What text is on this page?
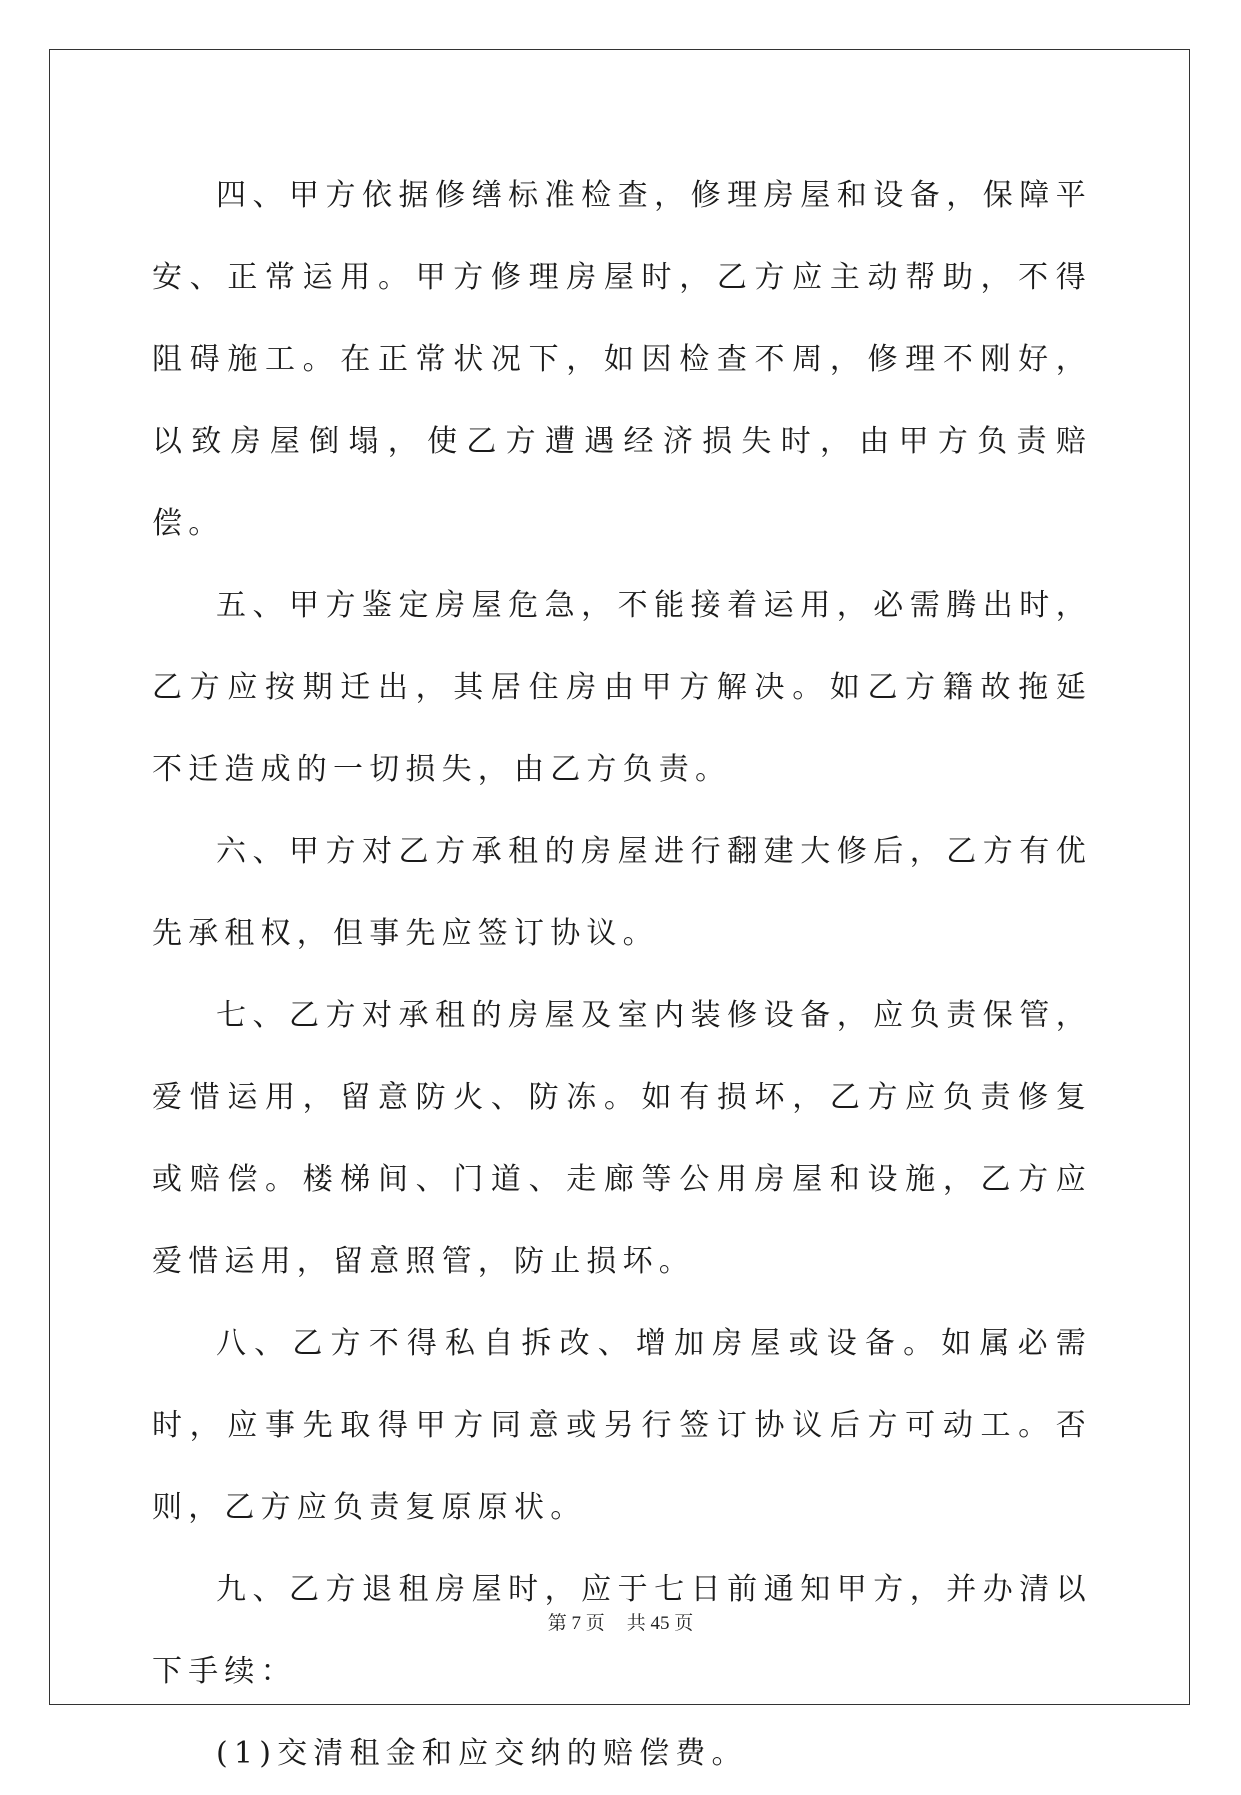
四、甲方依据修缮标准检查，修理房屋和设备，保障平安、正常运用。甲方修理房屋时，乙方应主动帮助，不得阻碍施工。在正常状况下，如因检查不周，修理不刚好，以致房屋倒塌，使乙方遭遇经济损失时，由甲方负责赔偿。

五、甲方鉴定房屋危急，不能接着运用，必需腾出时，乙方应按期迁出，其居住房由甲方解决。如乙方籍故拖延不迁造成的一切损失，由乙方负责。

六、甲方对乙方承租的房屋进行翻建大修后，乙方有优先承租权，但事先应签订协议。

七、乙方对承租的房屋及室内装修设备，应负责保管，爱惜运用，留意防火、防冻。如有损坏，乙方应负责修复或赔偿。楼梯间、门道、走廊等公用房屋和设施，乙方应爱惜运用，留意照管，防止损坏。

八、乙方不得私自拆改、增加房屋或设备。如属必需时，应事先取得甲方同意或另行签订协议后方可动工。否则，乙方应负责复原原状。

九、乙方退租房屋时，应于七日前通知甲方，并办清以下手续：

(1)交清租金和应交纳的赔偿费。

第 7 页 共 45 页
